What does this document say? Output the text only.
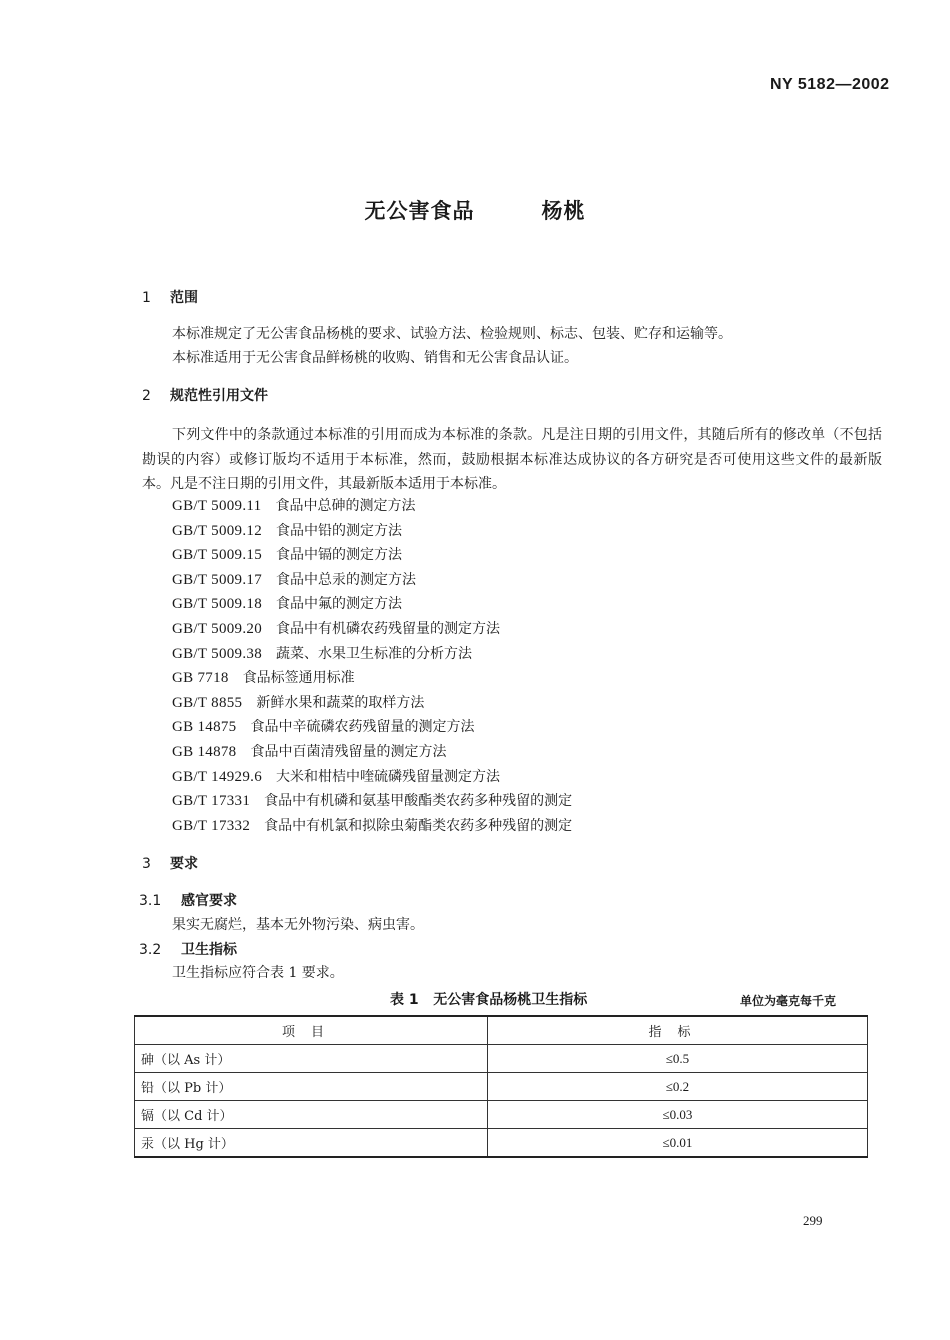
NY 5182—2002
无公害食品   杨桃
1 范围
本标准规定了无公害食品杨桃的要求、试验方法、检验规则、标志、包装、贮存和运输等。
本标准适用于无公害食品鲜杨桃的收购、销售和无公害食品认证。
2 规范性引用文件
下列文件中的条款通过本标准的引用而成为本标准的条款。凡是注日期的引用文件，其随后所有的修改单（不包括勘误的内容）或修订版均不适用于本标准，然而，鼓励根据本标准达成协议的各方研究是否可使用这些文件的最新版本。凡是不注日期的引用文件，其最新版本适用于本标准。
GB/T 5009.11 食品中总砷的测定方法
GB/T 5009.12 食品中铅的测定方法
GB/T 5009.15 食品中镉的测定方法
GB/T 5009.17 食品中总汞的测定方法
GB/T 5009.18 食品中氟的测定方法
GB/T 5009.20 食品中有机磷农药残留量的测定方法
GB/T 5009.38 蔬菜、水果卫生标准的分析方法
GB 7718 食品标签通用标准
GB/T 8855 新鲜水果和蔬菜的取样方法
GB 14875 食品中辛硫磷农药残留量的测定方法
GB 14878 食品中百菌清残留量的测定方法
GB/T 14929.6 大米和柑桔中喹硫磷残留量测定方法
GB/T 17331 食品中有机磷和氨基甲酸酯类农药多种残留的测定
GB/T 17332 食品中有机氯和拟除虫菊酯类农药多种残留的测定
3 要求
3.1 感官要求
果实无腐烂，基本无外物污染、病虫害。
3.2 卫生指标
卫生指标应符合表 1 要求。
表 1   无公害食品杨桃卫生指标	单位为毫克每千克
项目	指标
砷（以 As 计）	≤0.5
铅（以 Pb 计）	≤0.2
镉（以 Cd 计）	≤0.03
汞（以 Hg 计）	≤0.01
299
